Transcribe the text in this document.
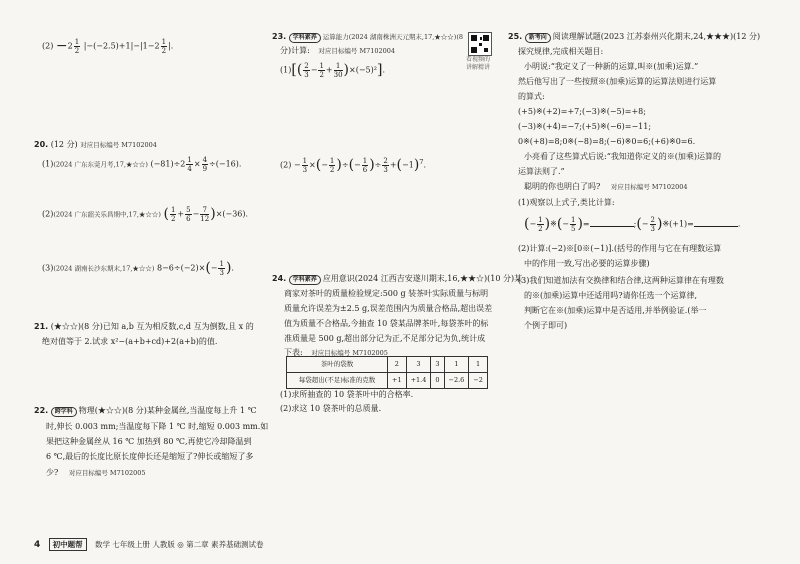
$(2) -2 \frac{1}{2} |-(-2.5)+1|-|1-2 \frac{1}{2}$ |.
20. (12 分) 对应目标编号 M7102004
(1)(2024 广东东莞月考,17,★☆☆) $(-81)\div 2 \frac{1}{4} \times \frac{4}{9} \div(-16)$.
(2)(2024 广东韶关乐昌期中,17,★☆☆) ( $\frac{1}{2} + \frac{5}{6} - \frac{7}{12} )\times(-36)$.
(3)(2024 湖南长沙东期末,17,★☆☆) $8-6\div(-2)\times(- \frac{1}{3}$ ).
21. (★☆☆)(8 分)已知 a,b 互为相反数,c,d 互为倒数,且 x 的
绝对值等于 2.试求 x²−(a+b+cd)+2(a+b)的值.
22. 跨学科 物理(★☆☆)(8 分)某种金属丝,当温度每上升 1 ℃
时,伸长 0.003 mm;当温度每下降 1 ℃ 时,缩短 0.003 mm.如
果把这种金属丝从 16 ℃ 加热到 80 ℃,再使它冷却降温到
6 ℃,最后的长度比原长度伸长还是缩短了?伸长或缩短了多
少? 对应目标编号 M7102005
23. 学科素养 运算能力(2024 湖南株洲天元期末,17,★☆☆)(8
分)计算: 对应目标编号 M7102004
$(1)[( \frac{2}{3} - \frac{1}{2} + \frac{1}{30} )\times(-5)^2]$.
看视频的讲解精讲
$(2) - \frac{1}{3}$ ×(− $\frac{1}{2}$ )÷(− $\frac{1}{6}$ )÷ $\frac{2}{3} +(-1)^7$.
24. 学科素养 应用意识(2024 江西吉安遂川期末,16,★★☆)(10 分)某
商家对茶叶的质量检验规定:500 g 装茶叶实际质量与标明
质量允许误差为±2.5 g,误差范围内为质量合格品,超出误差
值为质量不合格品,今抽查 10 袋某品牌茶叶,每袋茶叶的标
准质量是 500 g,超出部分记为正,不足部分记为负,统计成
下表: 对应目标编号 M7102005
茶叶的袋数	2	3	3	1	1
每袋超出(不足)标准的克数	+1	+1.4	0	−2.6	−2
(1)求所抽查的 10 袋茶叶中的合格率.
(2)求这 10 袋茶叶的总质量.
25. 新考向 阅读理解试题(2023 江苏泰州兴化期末,24,★★★)(12 分)
探究规律,完成相关题目:
小明说:“我定义了一种新的运算,叫※(加乘)运算.”
然后他写出了一些按照※(加乘)运算的运算法则进行运算
的算式:
(+5)※(+2)=+7;(−3)※(−5)=+8;
(−3)※(+4)=−7;(+5)※(−6)=−11;
0※(+8)=8;0※(−8)=8;(−6)※0=6;(+6)※0=6.
小亮看了这些算式后说:“我知道你定义的※(加乘)运算的
运算法则了.”
聪明的你也明白了吗? 对应目标编号 M7102004
(1)观察以上式子,类比计算:
(− $\frac{1}{2}$ )※(− $\frac{1}{5}$ )=	;(− $\frac{2}{3}$ )※(+1)=	.
(2)计算:(−2)※[0※(−1)].(括号的作用与它在有理数运算
中的作用一致,写出必要的运算步骤)
(3)我们知道加法有交换律和结合律,这两种运算律在有理数
的※(加乘)运算中还适用吗?请你任选一个运算律,
判断它在※(加乘)运算中是否适用,并举例验证.(举一
个例子即可)
4 初中题帮 数学 七年级上册 人教版 ◎ 第二章 素养基础测试卷
